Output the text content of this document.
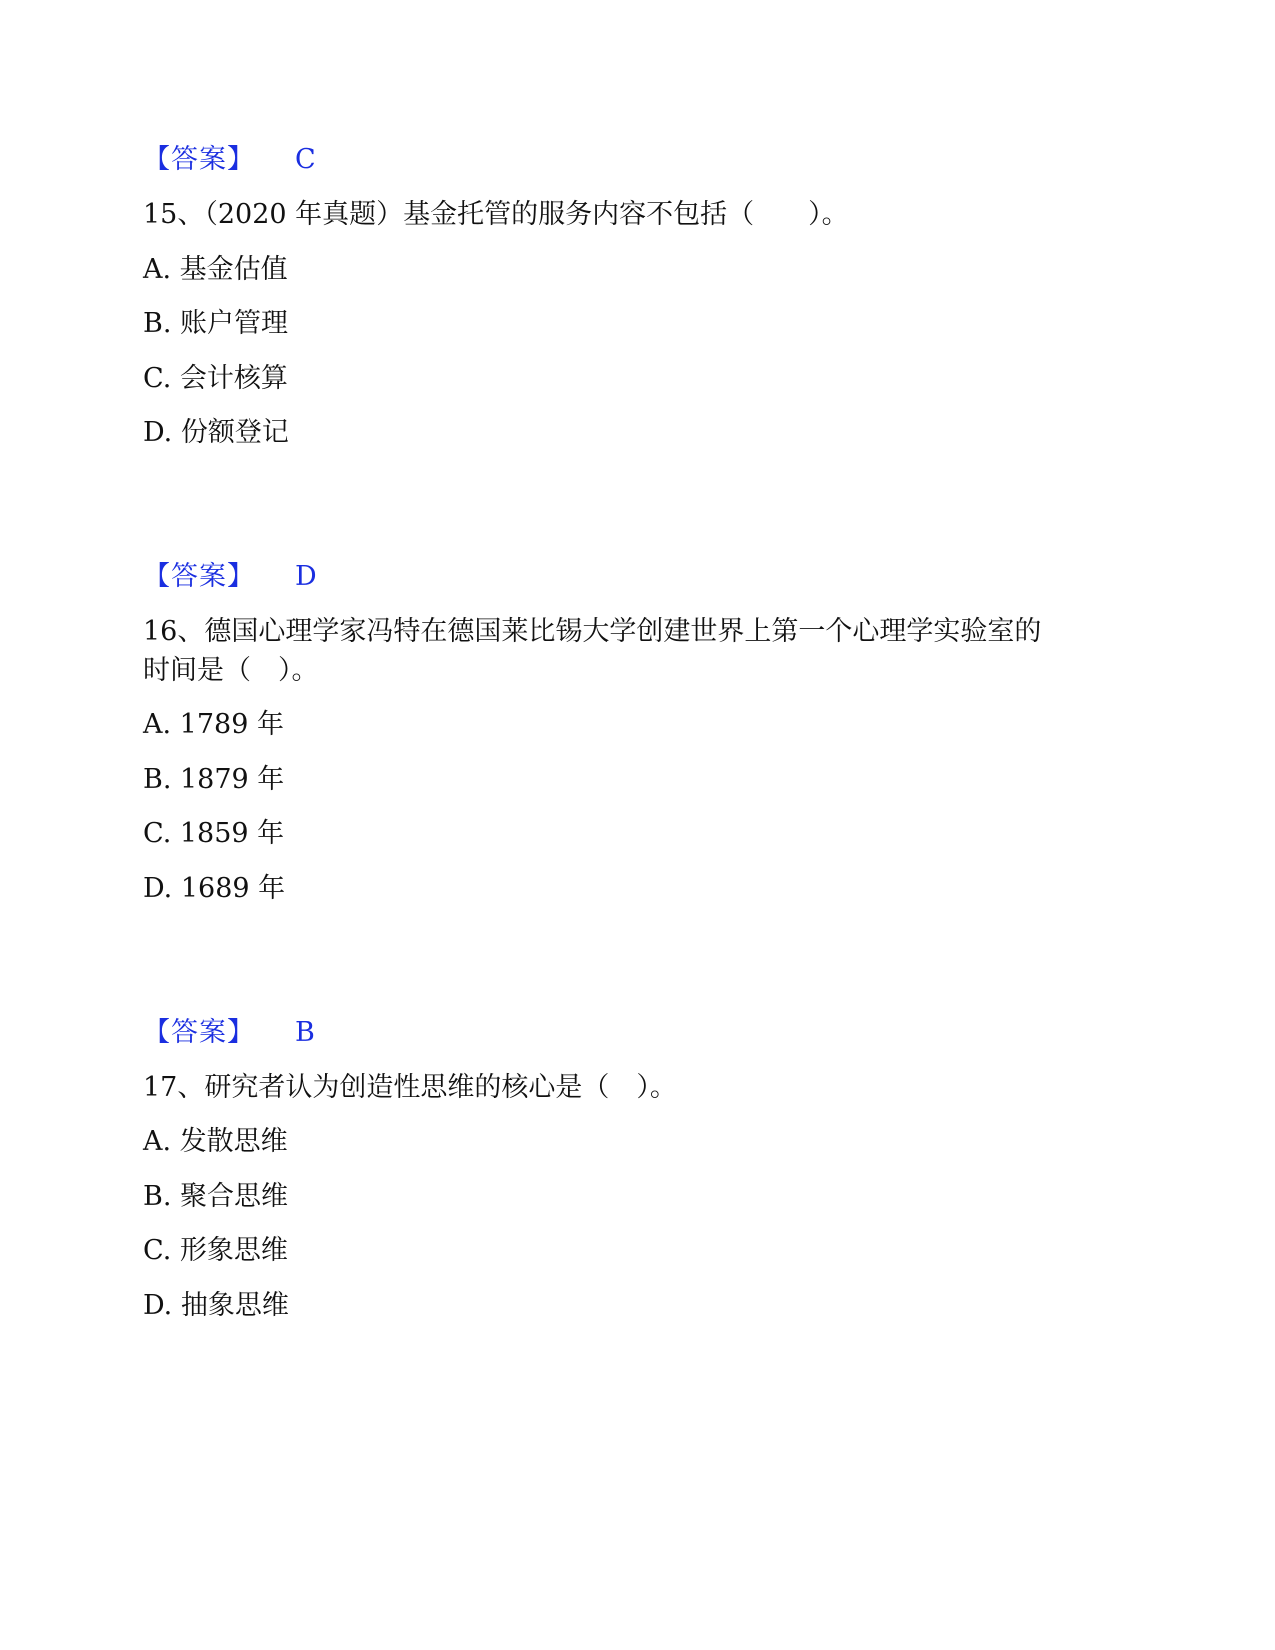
【答案】 C
15、（2020 年真题）基金托管的服务内容不包括（　　）。
A. 基金估值
B. 账户管理
C. 会计核算
D. 份额登记
【答案】 D
16、德国心理学家冯特在德国莱比锡大学创建世界上第一个心理学实验室的
时间是（　）。
A. 1789 年
B. 1879 年
C. 1859 年
D. 1689 年
【答案】 B
17、研究者认为创造性思维的核心是（　）。
A. 发散思维
B. 聚合思维
C. 形象思维
D. 抽象思维
